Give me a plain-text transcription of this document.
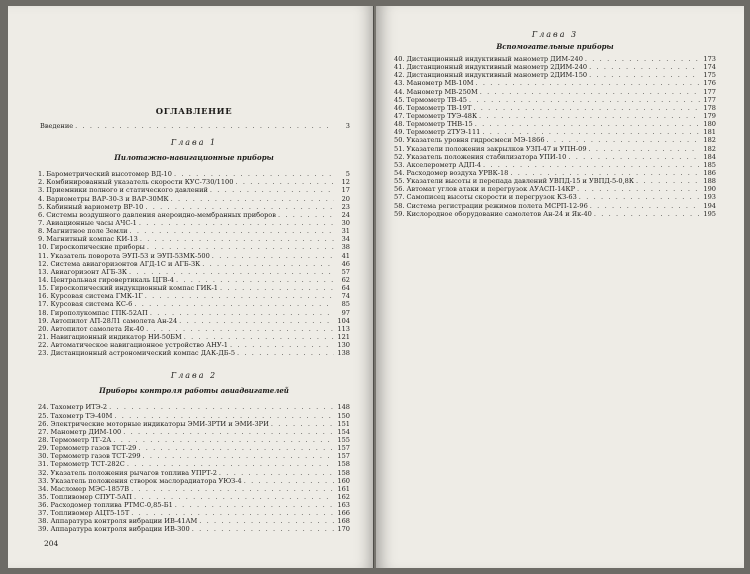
ОГЛАВЛЕНИЕ
Введение . . .	3
Глава 1
Пилотажно-навигационные приборы
1. Барометрический высотомер ВД-10 . . .	5
2. Комбинированный указатель скорости КУС-730/1100 . . .	12
3. Приемники полного и статического давлений . . .	17
4. Вариометры ВАР-30-3 и ВАР-30МК . . .	20
5. Кабинный вариометр ВР-10 . . .	23
6. Системы воздушного давления анероидно-мембранных приборов . . .	24
7. Авиационные часы АЧС-1 . . .	30
8. Магнитное поле Земли . . .	31
9. Магнитный компас КИ-13 . . .	34
10. Гироскопические приборы . . .	38
11. Указатель поворота ЭУП-53 и ЭУП-53МК-500 . . .	41
12. Система авиагоризонтов АГД-1С и АГБ-3К . . .	46
13. Авиагоризонт АГБ-3К . . .	57
14. Центральная гировертикаль ЦГВ-4 . . .	62
15. Гироскопический индукционный компас ГИК-1 . . .	64
16. Курсовая система ГМК-1Г . . .	74
17. Курсовая система КС-6 . . .	85
18. Гирополукомпас ГПК-52АП . . .	97
19. Автопилот АП-28Л1 самолета Ан-24 . . .	104
20. Автопилот самолета Як-40 . . .	113
21. Навигационный индикатор НИ-50БМ . . .	121
22. Автоматическое навигационное устройство АНУ-1 . . .	130
23. Дистанционный астрономический компас ДАК-ДБ-5 . . .	138
Глава 2
Приборы контроля работы авиадвигателей
24. Тахометр ИТЭ-2 . . .	148
25. Тахометр ТЭ-40М . . .	150
26. Электрические моторные индикаторы ЭМИ-3РТИ и ЭМИ-3РИ . . .	151
27. Манометр ДИМ-100 . . .	154
28. Термометр ТГ-2А . . .	155
29. Термометр газов ТСТ-29 . . .	157
30. Термометр газов ТСТ-299 . . .	157
31. Термометр ТСТ-282С . . .	158
32. Указатель положения рычагов топлива УПРТ-2 . . .	158
33. Указатель положения створок маслорадиатора УЮЗ-4 . . .	160
34. Масломер МЭС-1857В . . .	161
35. Топливомер СПУТ-5АП . . .	162
36. Расходомер топлива РТМС-0,85-Б1 . . .	163
37. Топливомер АЦТ5-15Т . . .	166
38. Аппаратура контроля вибрации ИВ-41АМ . . .	168
39. Аппаратура контроля вибрации ИВ-300 . . .	170
204
Глава 3
Вспомогательные приборы
40. Дистанционный индуктивный манометр ДИМ-240 . . .	173
41. Дистанционный индуктивный манометр 2ДИМ-240 . . .	174
42. Дистанционный индуктивный манометр 2ДИМ-150 . . .	175
43. Манометр МВ-10М . . .	176
44. Манометр МВ-250М . . .	177
45. Термометр ТВ-45 . . .	177
46. Термометр ТВ-19Т . . .	178
47. Термометр ТУЭ-48К . . .	179
48. Термометр ТНВ-15 . . .	180
49. Термометр 2ТУЭ-111 . . .	181
50. Указатель уровня гидросмеси МЭ-1866 . . .	182
51. Указатели положения закрылков УЗП-47 и УПН-09 . . .	182
52. Указатель положения стабилизатора УПИ-10 . . .	184
53. Акселерометр АДП-4 . . .	185
54. Расходомер воздуха УРВК-18 . . .	186
55. Указатели высоты и перепада давлений УВПД-15 и УВПД-5-0,8К . . .	188
56. Автомат углов атаки и перегрузок АУАСП-14КР . . .	190
57. Самописец высоты скорости и перегрузок КЗ-63 . . .	193
58. Система регистрации режимов полета МСРП-12-96 . . .	194
59. Кислородное оборудование самолетов Ан-24 и Як-40 . . .	195
